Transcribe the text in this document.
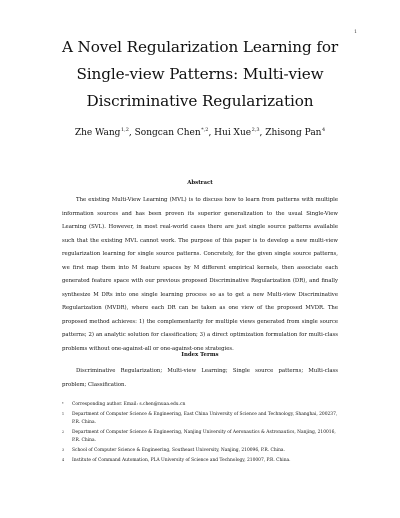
1
A Novel Regularization Learning for
Single-view Patterns: Multi-view
Discriminative Regularization
Zhe Wang$^{1,2}$, Songcan Chen$^{*,2}$, Hui Xue$^{2,3}$, Zhisong Pan$^4$
Abstract

The existing Multi-View Learning (MVL) is to discuss how to learn from patterns with multiple information sources and has been proven its superior generalization to the usual Single-View Learning (SVL). However, in most real-world cases there are just single source patterns available such that the existing MVL cannot work. The purpose of this paper is to develop a new multi-view regularization learning for single source patterns. Concretely, for the given single source patterns, we first map them into M feature spaces by M different empirical kernels, then associate each generated feature space with our previous proposed Discriminative Regularization (DR), and finally synthesize M DRs into one single learning process so as to get a new Multi-view Discriminative Regularization (MVDR), where each DR can be taken as one view of the proposed MVDR. The proposed method achieves: 1) the complementarity for multiple views generated from single source patterns; 2) an analytic solution for classification; 3) a direct optimization formulation for multi-class problems without one-against-all or one-against-one strategies.

Index Terms

Discriminative Regularization; Multi-view Learning; Single source patterns; Multi-class problem; Classification.

* Corresponding author. Email: s.chen@nuaa.edu.cn
1 Department of Computer Science & Engineering, East China University of Science and Technology, Shanghai, 200237, P.R. China.
2 Department of Computer Science & Engineering, Nanjing University of Aeronautics & Astronautics, Nanjing, 210016, P.R. China.
3 School of Computer Science & Engineering, Southeast University, Nanjing, 210096, P.R. China.
4 Institute of Command Automation, PLA University of Science and Technology, 210007, P.R. China.
